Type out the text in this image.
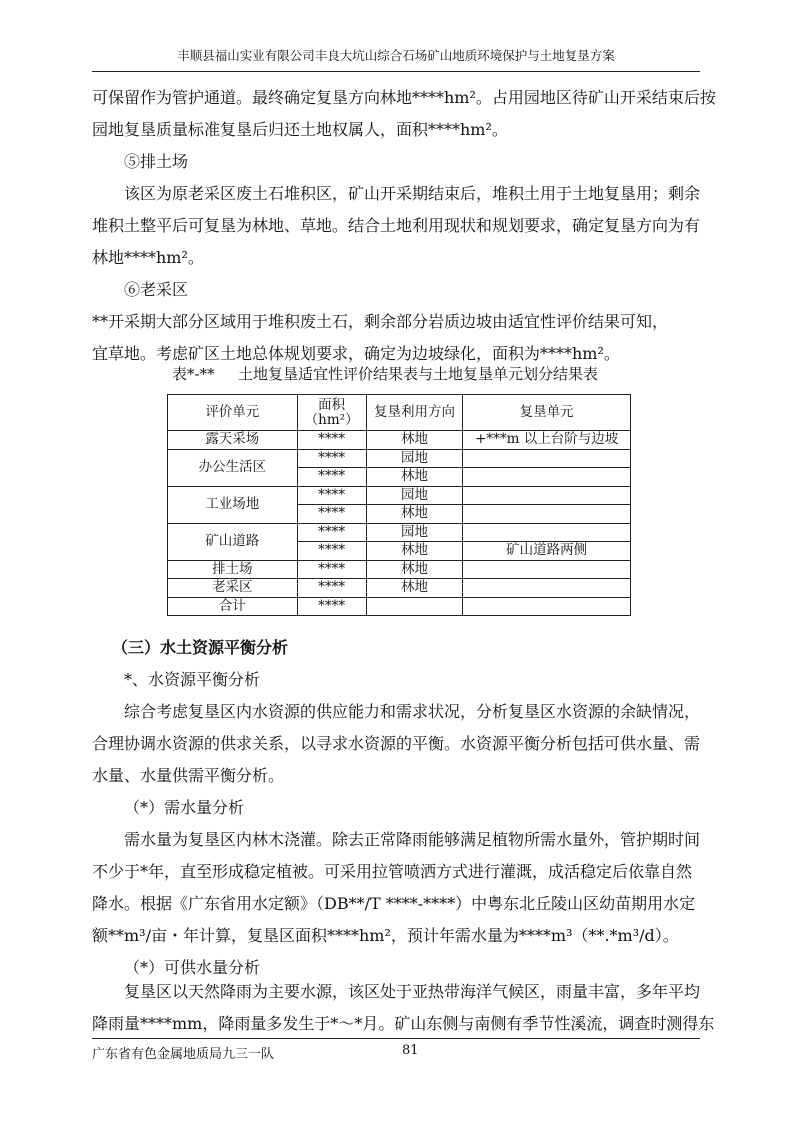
丰顺县福山实业有限公司丰良大坑山综合石场矿山地质环境保护与土地复垦方案
可保留作为管护通道。最终确定复垦方向林地****hm²。占用园地区待矿山开采结束后按
园地复垦质量标准复垦后归还土地权属人，面积****hm²。
⑤排土场
该区为原老采区废土石堆积区，矿山开采期结束后，堆积土用于土地复垦用；剩余
堆积土整平后可复垦为林地、草地。结合土地利用现状和规划要求，确定复垦方向为有
林地****hm²。
⑥老采区
**开采期大部分区域用于堆积废土石，剩余部分岩质边坡由适宜性评价结果可知，
宜草地。考虑矿区土地总体规划要求，确定为边坡绿化，面积为****hm²。
表*-** 土地复垦适宜性评价结果表与土地复垦单元划分结果表
评价单元	面积（hm²）	复垦利用方向	复垦单元
露天采场	****	林地	+***m 以上台阶与边坡
办公生活区	****	园地	
	****	林地	
工业场地	****	园地	
	****	林地	
矿山道路	****	园地	
	****	林地	矿山道路两侧
排土场	****	林地	
老采区	****	林地	
合计	****		
（三）水土资源平衡分析
*、水资源平衡分析
综合考虑复垦区内水资源的供应能力和需求状况，分析复垦区水资源的余缺情况，
合理协调水资源的供求关系，以寻求水资源的平衡。水资源平衡分析包括可供水量、需
水量、水量供需平衡分析。
（*）需水量分析
需水量为复垦区内林木浇灌。除去正常降雨能够满足植物所需水量外，管护期时间
不少于*年，直至形成稳定植被。可采用拉管喷洒方式进行灌溉，成活稳定后依靠自然
降水。根据《广东省用水定额》（DB**/T ****-****）中粤东北丘陵山区幼苗期用水定
额**m³/亩・年计算，复垦区面积****hm²，预计年需水量为****m³（**.*m³/d）。
（*）可供水量分析
复垦区以天然降雨为主要水源，该区处于亚热带海洋气候区，雨量丰富，多年平均
降雨量****mm，降雨量多发生于*～*月。矿山东侧与南侧有季节性溪流，调查时测得东
广东省有色金属地质局九三一队	81
